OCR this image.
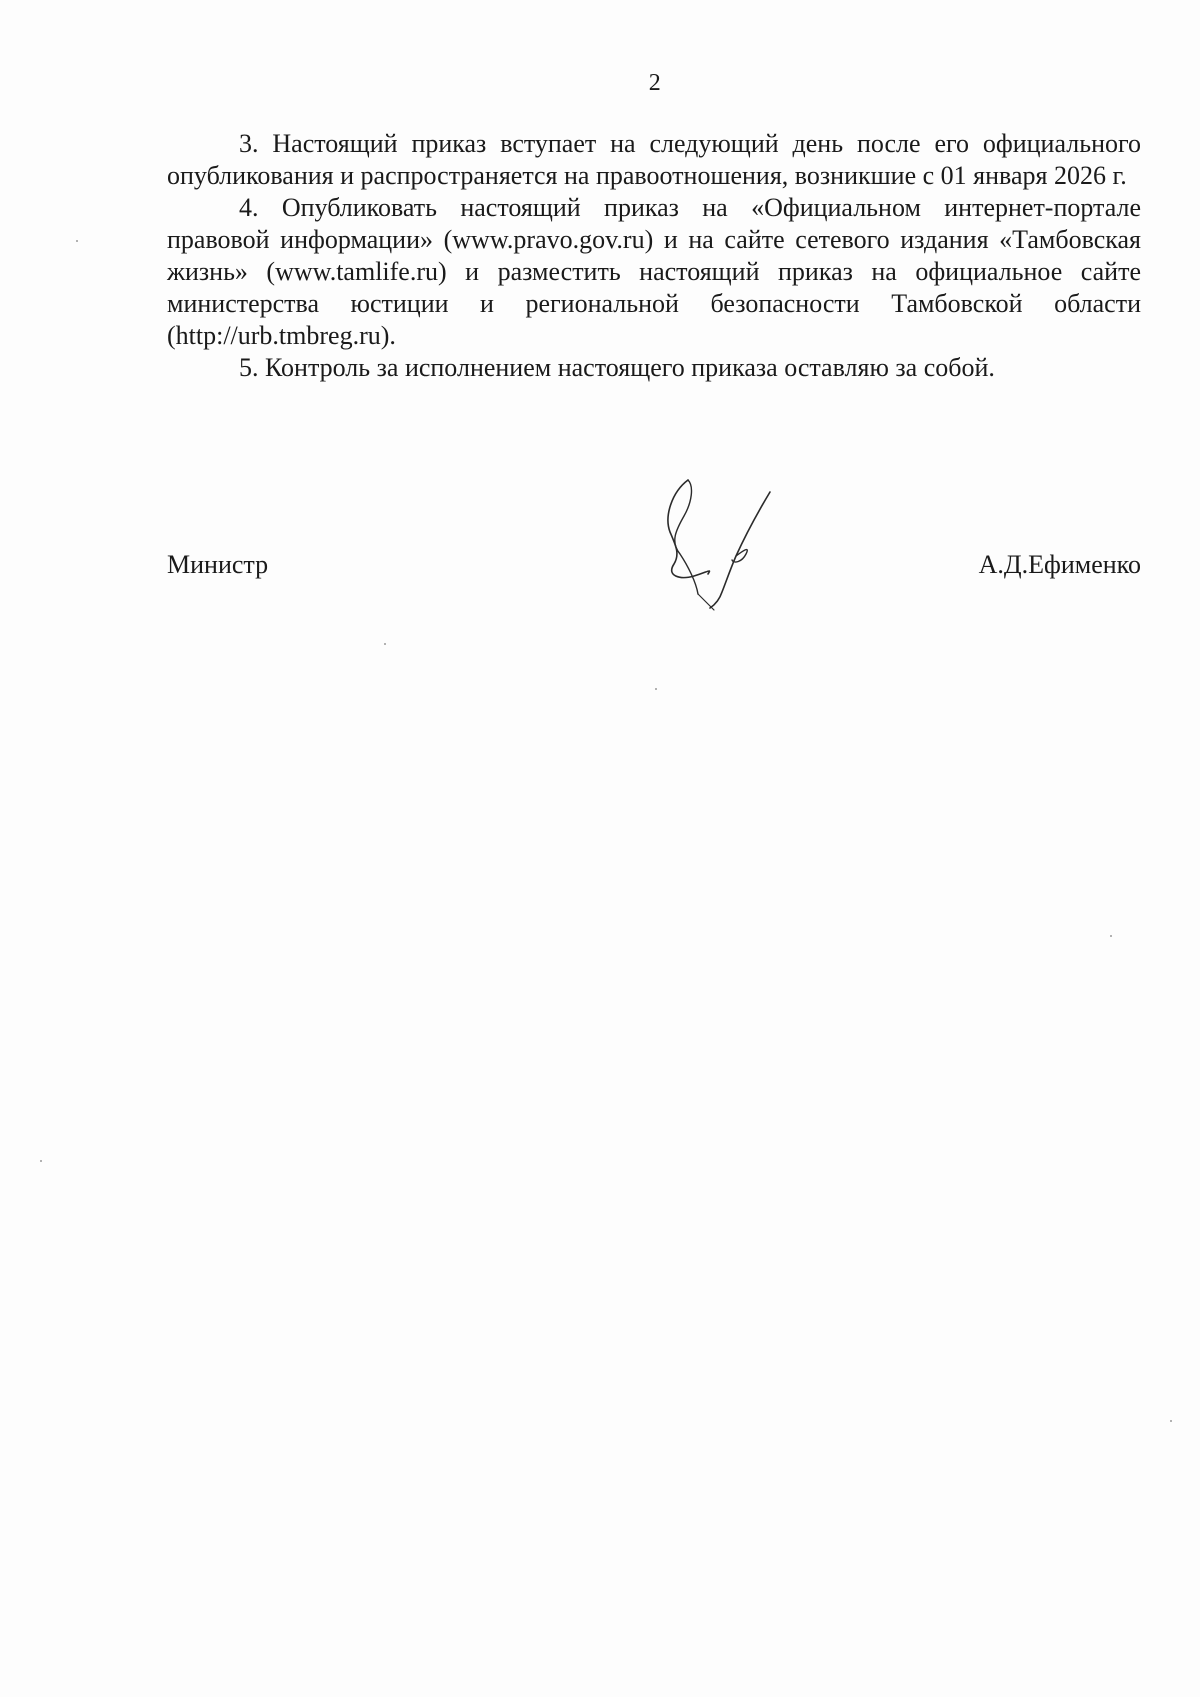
2

3. Настоящий приказ вступает на следующий день после его официального опубликования и распространяется на правоотношения, возникшие с 01 января 2026 г.

4. Опубликовать настоящий приказ на «Официальном интернет-портале правовой информации» (www.pravo.gov.ru) и на сайте сетевого издания «Тамбовская жизнь» (www.tamlife.ru) и разместить настоящий приказ на официальное сайте министерства юстиции и региональной безопасности Тамбовской области (http://urb.tmbreg.ru).

5. Контроль за исполнением настоящего приказа оставляю за собой.

Министр	А.Д.Ефименко
